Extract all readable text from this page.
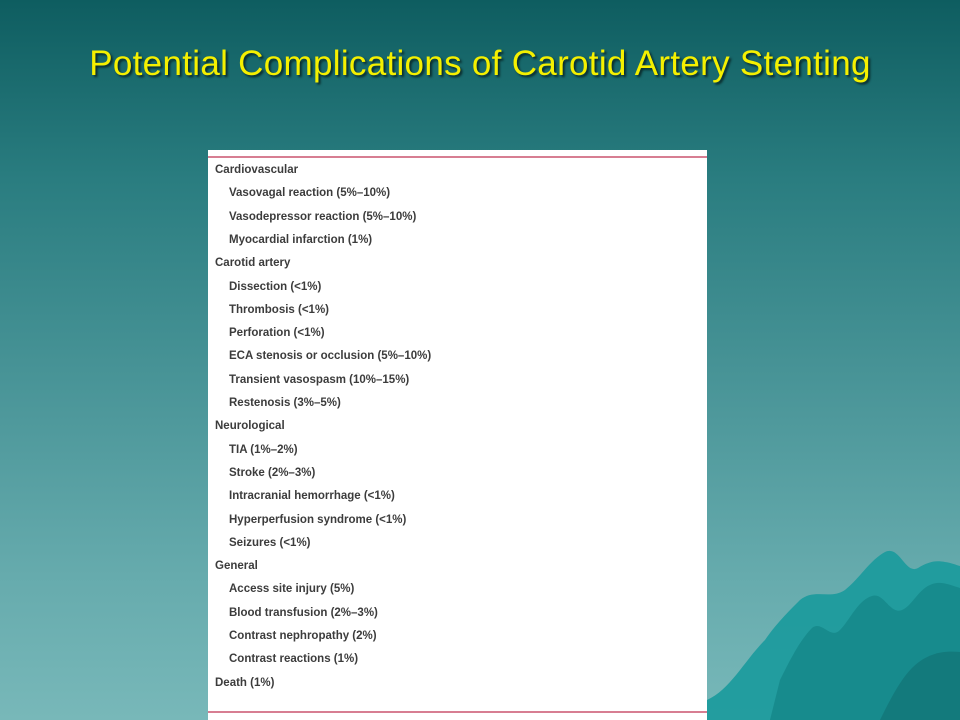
Potential Complications of Carotid Artery Stenting
Cardiovascular
Vasovagal reaction (5%–10%)
Vasodepressor reaction (5%–10%)
Myocardial infarction (1%)
Carotid artery
Dissection (<1%)
Thrombosis (<1%)
Perforation (<1%)
ECA stenosis or occlusion (5%–10%)
Transient vasospasm (10%–15%)
Restenosis (3%–5%)
Neurological
TIA (1%–2%)
Stroke (2%–3%)
Intracranial hemorrhage (<1%)
Hyperperfusion syndrome (<1%)
Seizures (<1%)
General
Access site injury (5%)
Blood transfusion (2%–3%)
Contrast nephropathy (2%)
Contrast reactions (1%)
Death (1%)
